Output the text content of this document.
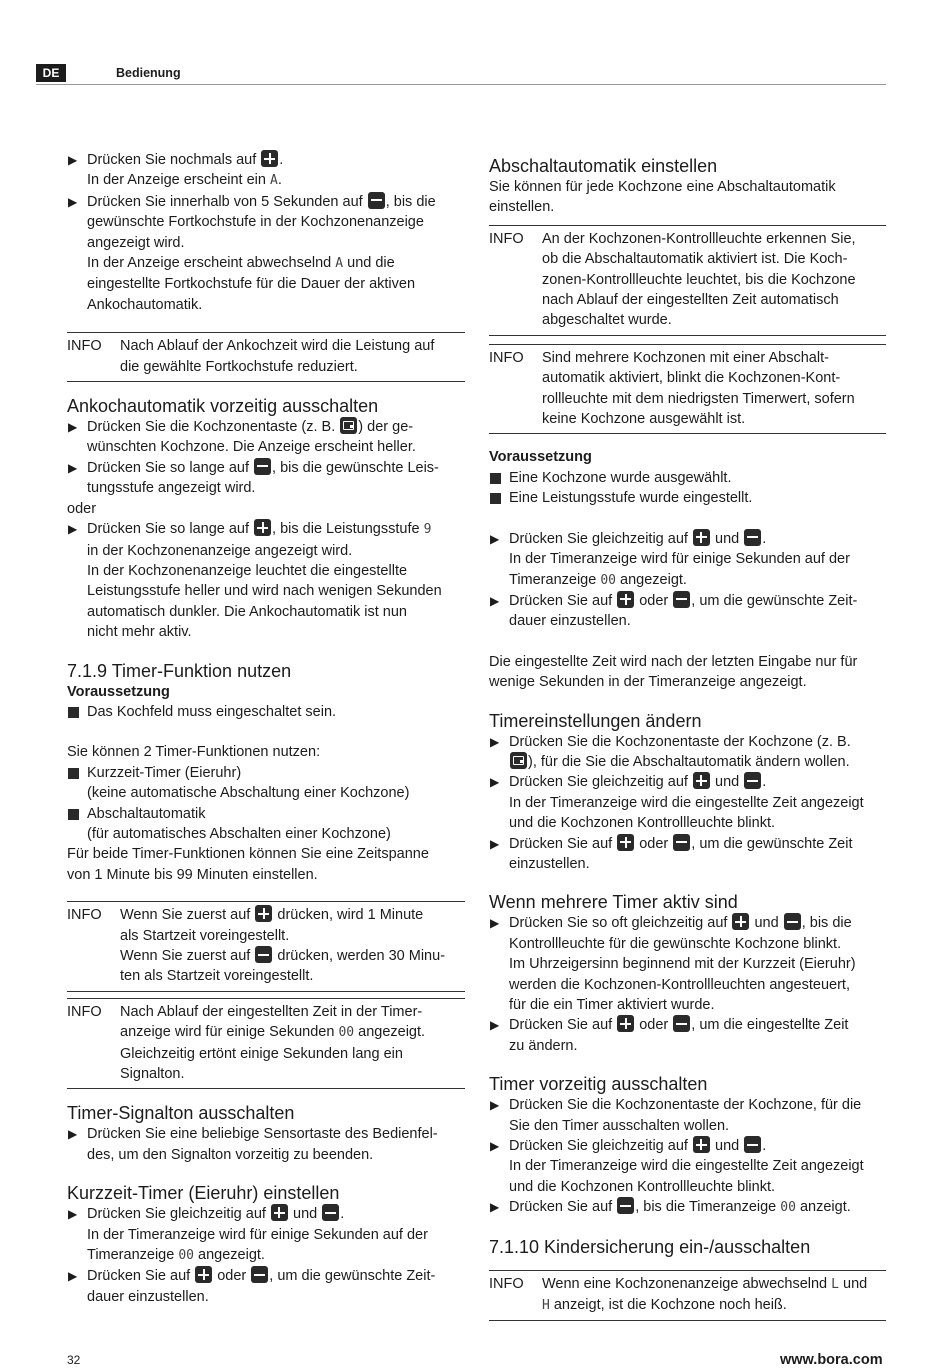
DE	Bedienung

▶ Drücken Sie nochmals auf .

In der Anzeige erscheint ein A.

▶ Drücken Sie innerhalb von 5 Sekunden auf , bis die

gewünschte Fortkochstufe in der Kochzonenanzeige

angezeigt wird.

In der Anzeige erscheint abwechselnd A und die

eingestellte Fortkochstufe für die Dauer der aktiven

Ankochautomatik.

INFO Nach Ablauf der Ankochzeit wird die Leistung auf

die gewählte Fortkochstufe reduziert.

Ankochautomatik vorzeitig ausschalten

▶ Drücken Sie die Kochzonentaste (z. B. ) der ge-

wünschten Kochzone. Die Anzeige erscheint heller.

▶ Drücken Sie so lange auf , bis die gewünschte Leis-

tungsstufe angezeigt wird.

oder

▶ Drücken Sie so lange auf , bis die Leistungsstufe 9

in der Kochzonenanzeige angezeigt wird.

In der Kochzonenanzeige leuchtet die eingestellte

Leistungsstufe heller und wird nach wenigen Sekunden

automatisch dunkler. Die Ankochautomatik ist nun

nicht mehr aktiv.

7.1.9 Timer-Funktion nutzen

Voraussetzung

Das Kochfeld muss eingeschaltet sein.

Sie können 2 Timer-Funktionen nutzen:

Kurzzeit-Timer (Eieruhr)

(keine automatische Abschaltung einer Kochzone)

Abschaltautomatik

(für automatisches Abschalten einer Kochzone)

Für beide Timer-Funktionen können Sie eine Zeitspanne

von 1 Minute bis 99 Minuten einstellen.

INFO Wenn Sie zuerst auf drücken, wird 1 Minute

als Startzeit voreingestellt.

Wenn Sie zuerst auf drücken, werden 30 Minu-

ten als Startzeit voreingestellt.

INFO Nach Ablauf der eingestellten Zeit in der Timer-

anzeige wird für einige Sekunden 00 angezeigt.

Gleichzeitig ertönt einige Sekunden lang ein

Signalton.

Timer-Signalton ausschalten

▶ Drücken Sie eine beliebige Sensortaste des Bedienfel-

des, um den Signalton vorzeitig zu beenden.

Kurzzeit-Timer (Eieruhr) einstellen

▶ Drücken Sie gleichzeitig auf und .

In der Timeranzeige wird für einige Sekunden auf der

Timeranzeige 00 angezeigt.

▶ Drücken Sie auf oder , um die gewünschte Zeit-

dauer einzustellen.

Abschaltautomatik einstellen

Sie können für jede Kochzone eine Abschaltautomatik

einstellen.

INFO An der Kochzonen-Kontrollleuchte erkennen Sie,

ob die Abschaltautomatik aktiviert ist. Die Koch-

zonen-Kontrollleuchte leuchtet, bis die Kochzone

nach Ablauf der eingestellten Zeit automatisch

abgeschaltet wurde.

INFO Sind mehrere Kochzonen mit einer Abschalt-

automatik aktiviert, blinkt die Kochzonen-Kont-

rollleuchte mit dem niedrigsten Timerwert, sofern

keine Kochzone ausgewählt ist.

Voraussetzung

Eine Kochzone wurde ausgewählt.

Eine Leistungsstufe wurde eingestellt.

▶ Drücken Sie gleichzeitig auf und .

In der Timeranzeige wird für einige Sekunden auf der

Timeranzeige 00 angezeigt.

▶ Drücken Sie auf oder , um die gewünschte Zeit-

dauer einzustellen.

Die eingestellte Zeit wird nach der letzten Eingabe nur für

wenige Sekunden in der Timeranzeige angezeigt.

Timereinstellungen ändern

▶ Drücken Sie die Kochzonentaste der Kochzone (z. B.

), für die Sie die Abschaltautomatik ändern wollen.

▶ Drücken Sie gleichzeitig auf und .

In der Timeranzeige wird die eingestellte Zeit angezeigt

und die Kochzonen Kontrollleuchte blinkt.

▶ Drücken Sie auf oder , um die gewünschte Zeit

einzustellen.

Wenn mehrere Timer aktiv sind

▶ Drücken Sie so oft gleichzeitig auf und , bis die

Kontrollleuchte für die gewünschte Kochzone blinkt.

Im Uhrzeigersinn beginnend mit der Kurzzeit (Eieruhr)

werden die Kochzonen-Kontrollleuchten angesteuert,

für die ein Timer aktiviert wurde.

▶ Drücken Sie auf oder , um die eingestellte Zeit

zu ändern.

Timer vorzeitig ausschalten

▶ Drücken Sie die Kochzonentaste der Kochzone, für die

Sie den Timer ausschalten wollen.

▶ Drücken Sie gleichzeitig auf und .

In der Timeranzeige wird die eingestellte Zeit angezeigt

und die Kochzonen Kontrollleuchte blinkt.

▶ Drücken Sie auf , bis die Timeranzeige 00 anzeigt.

7.1.10 Kindersicherung ein-/ausschalten

INFO Wenn eine Kochzonenanzeige abwechselnd L und

H anzeigt, ist die Kochzone noch heiß.

32	www.bora.com
